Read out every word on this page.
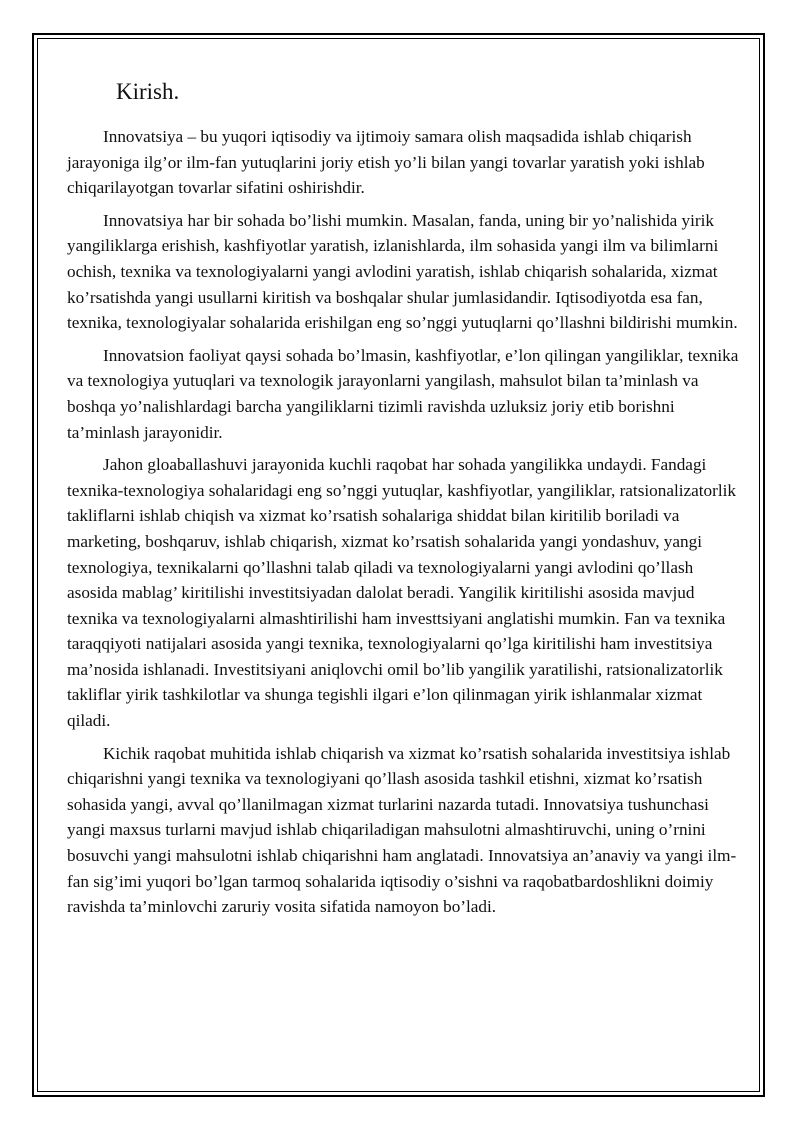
Kirish.

Innovatsiya – bu yuqori iqtisodiy va ijtimoiy samara olish maqsadida ishlab chiqarish jarayoniga ilg’or ilm-fan yutuqlarini joriy etish yo’li bilan yangi tovarlar yaratish yoki ishlab chiqarilayotgan tovarlar sifatini oshirishdir.

Innovatsiya har bir sohada bo’lishi mumkin. Masalan, fanda, uning bir yo’nalishida yirik yangiliklarga erishish, kashfiyotlar yaratish, izlanishlarda, ilm sohasida yangi ilm va bilimlarni ochish, texnika va texnologiyalarni yangi avlodini yaratish, ishlab chiqarish sohalarida, xizmat ko’rsatishda yangi usullarni kiritish va boshqalar shular jumlasidandir. Iqtisodiyotda esa fan, texnika, texnologiyalar sohalarida erishilgan eng so’nggi yutuqlarni qo’llashni bildirishi mumkin.

Innovatsion faoliyat qaysi sohada bo’lmasin, kashfiyotlar, e’lon qilingan yangiliklar, texnika va texnologiya yutuqlari va texnologik jarayonlarni yangilash, mahsulot bilan ta’minlash va boshqa yo’nalishlardagi barcha yangiliklarni tizimli ravishda uzluksiz joriy etib borishni ta’minlash jarayonidir.

Jahon gloaballashuvi jarayonida kuchli raqobat har sohada yangilikka undaydi. Fandagi texnika-texnologiya sohalaridagi eng so’nggi yutuqlar, kashfiyotlar, yangiliklar, ratsionalizatorlik takliflarni ishlab chiqish va xizmat ko’rsatish sohalariga shiddat bilan kiritilib boriladi va marketing, boshqaruv, ishlab chiqarish, xizmat ko’rsatish sohalarida yangi yondashuv, yangi texnologiya, texnikalarni qo’llashni talab qiladi va texnologiyalarni yangi avlodini qo’llash asosida mablag’ kiritilishi investitsiyadan dalolat beradi. Yangilik kiritilishi asosida mavjud texnika va texnologiyalarni almashtirilishi ham investtsiyani anglatishi mumkin. Fan va texnika taraqqiyoti natijalari asosida yangi texnika, texnologiyalarni qo’lga kiritilishi ham investitsiya ma’nosida ishlanadi. Investitsiyani aniqlovchi omil bo’lib yangilik yaratilishi, ratsionalizatorlik takliflar yirik tashkilotlar va shunga tegishli ilgari e’lon qilinmagan yirik ishlanmalar xizmat qiladi.

Kichik raqobat muhitida ishlab chiqarish va xizmat ko’rsatish sohalarida investitsiya ishlab chiqarishni yangi texnika va texnologiyani qo’llash asosida tashkil etishni, xizmat ko’rsatish sohasida yangi, avval qo’llanilmagan xizmat turlarini nazarda tutadi. Innovatsiya tushunchasi yangi maxsus turlarni mavjud ishlab chiqariladigan mahsulotni almashtiruvchi, uning o’rnini bosuvchi yangi mahsulotni ishlab chiqarishni ham anglatadi. Innovatsiya an’anaviy va yangi ilm-fan sig’imi yuqori bo’lgan tarmoq sohalarida iqtisodiy o’sishni va raqobatbardoshlikni doimiy ravishda ta’minlovchi zaruriy vosita sifatida namoyon bo’ladi.
